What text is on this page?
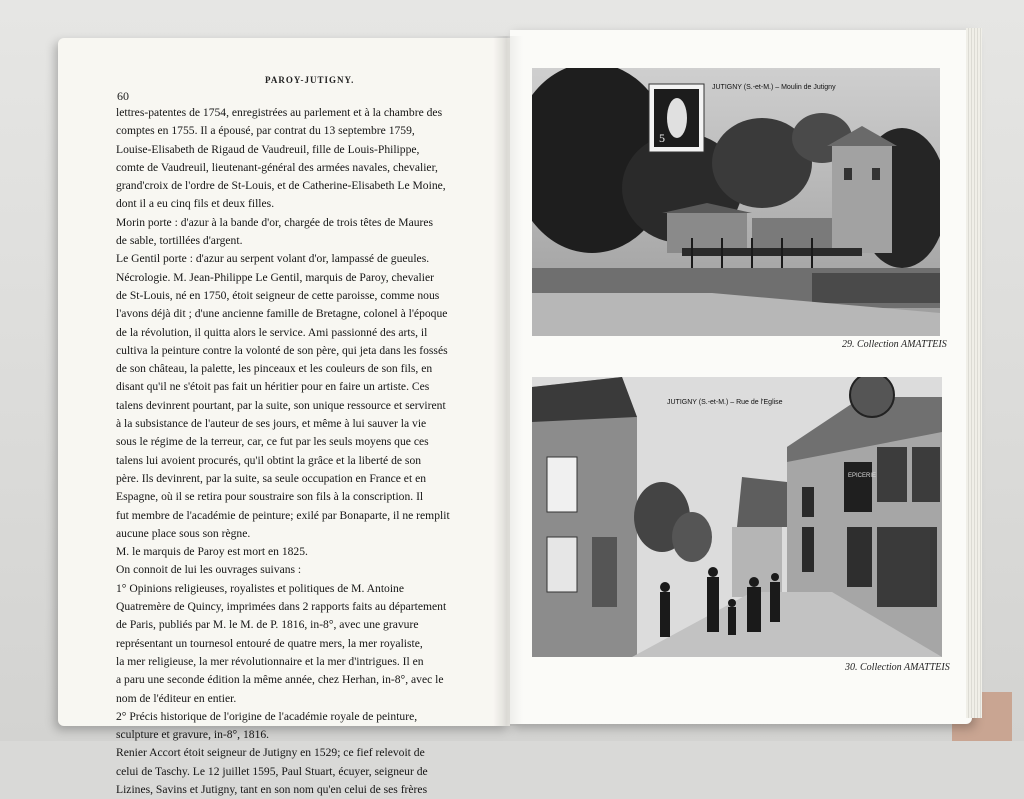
60
PAROY-JUTIGNY.
lettres-patentes de 1754, enregistrées au parlement et à la chambre des
comptes en 1755. Il a épousé, par contrat du 13 septembre 1759,
Louise-Elisabeth de Rigaud de Vaudreuil, fille de Louis-Philippe,
comte de Vaudreuil, lieutenant-général des armées navales, chevalier,
grand'croix de l'ordre de St-Louis, et de Catherine-Elisabeth Le Moine,
dont il a eu cinq fils et deux filles.
Morin porte : d'azur à la bande d'or, chargée de trois têtes de Maures
de sable, tortillées d'argent.
Le Gentil porte : d'azur au serpent volant d'or, lampassé de gueules.
Nécrologie. M. Jean-Philippe Le Gentil, marquis de Paroy, chevalier
de St-Louis, né en 1750, étoit seigneur de cette paroisse, comme nous
l'avons déjà dit ; d'une ancienne famille de Bretagne, colonel à l'époque
de la révolution, il quitta alors le service. Ami passionné des arts, il
cultiva la peinture contre la volonté de son père, qui jeta dans les fossés
de son château, la palette, les pinceaux et les couleurs de son fils, en
disant qu'il ne s'étoit pas fait un héritier pour en faire un artiste. Ces
talens devinrent pourtant, par la suite, son unique ressource et servirent
à la subsistance de l'auteur de ses jours, et même à lui sauver la vie
sous le régime de la terreur, car, ce fut par les seuls moyens que ces
talens lui avoient procurés, qu'il obtint la grâce et la liberté de son
père. Ils devinrent, par la suite, sa seule occupation en France et en
Espagne, où il se retira pour soustraire son fils à la conscription. Il
fut membre de l'académie de peinture; exilé par Bonaparte, il ne remplit
aucune place sous son règne.
M. le marquis de Paroy est mort en 1825.
On connoit de lui les ouvrages suivans :
1° Opinions religieuses, royalistes et politiques de M. Antoine
Quatremère de Quincy, imprimées dans 2 rapports faits au département
de Paris, publiés par M. le M. de P. 1816, in-8°, avec une gravure
représentant un tournesol entouré de quatre mers, la mer royaliste,
la mer religieuse, la mer révolutionnaire et la mer d'intrigues. Il en
a paru une seconde édition la même année, chez Herhan, in-8°, avec le
nom de l'éditeur en entier.
2° Précis historique de l'origine de l'académie royale de peinture,
sculpture et gravure, in-8°, 1816.
Renier Accort étoit seigneur de Jutigny en 1529; ce fief relevoit de
celui de Taschy. Le 12 juillet 1595, Paul Stuart, écuyer, seigneur de
Lizines, Savins et Jutigny, tant en son nom qu'en celui de ses frères
5
JUTIGNY (S.-et-M.) – Moulin de Jutigny
29. Collection AMATTEIS
EPICERIE
JUTIGNY (S.-et-M.) – Rue de l'Eglise
30. Collection AMATTEIS
